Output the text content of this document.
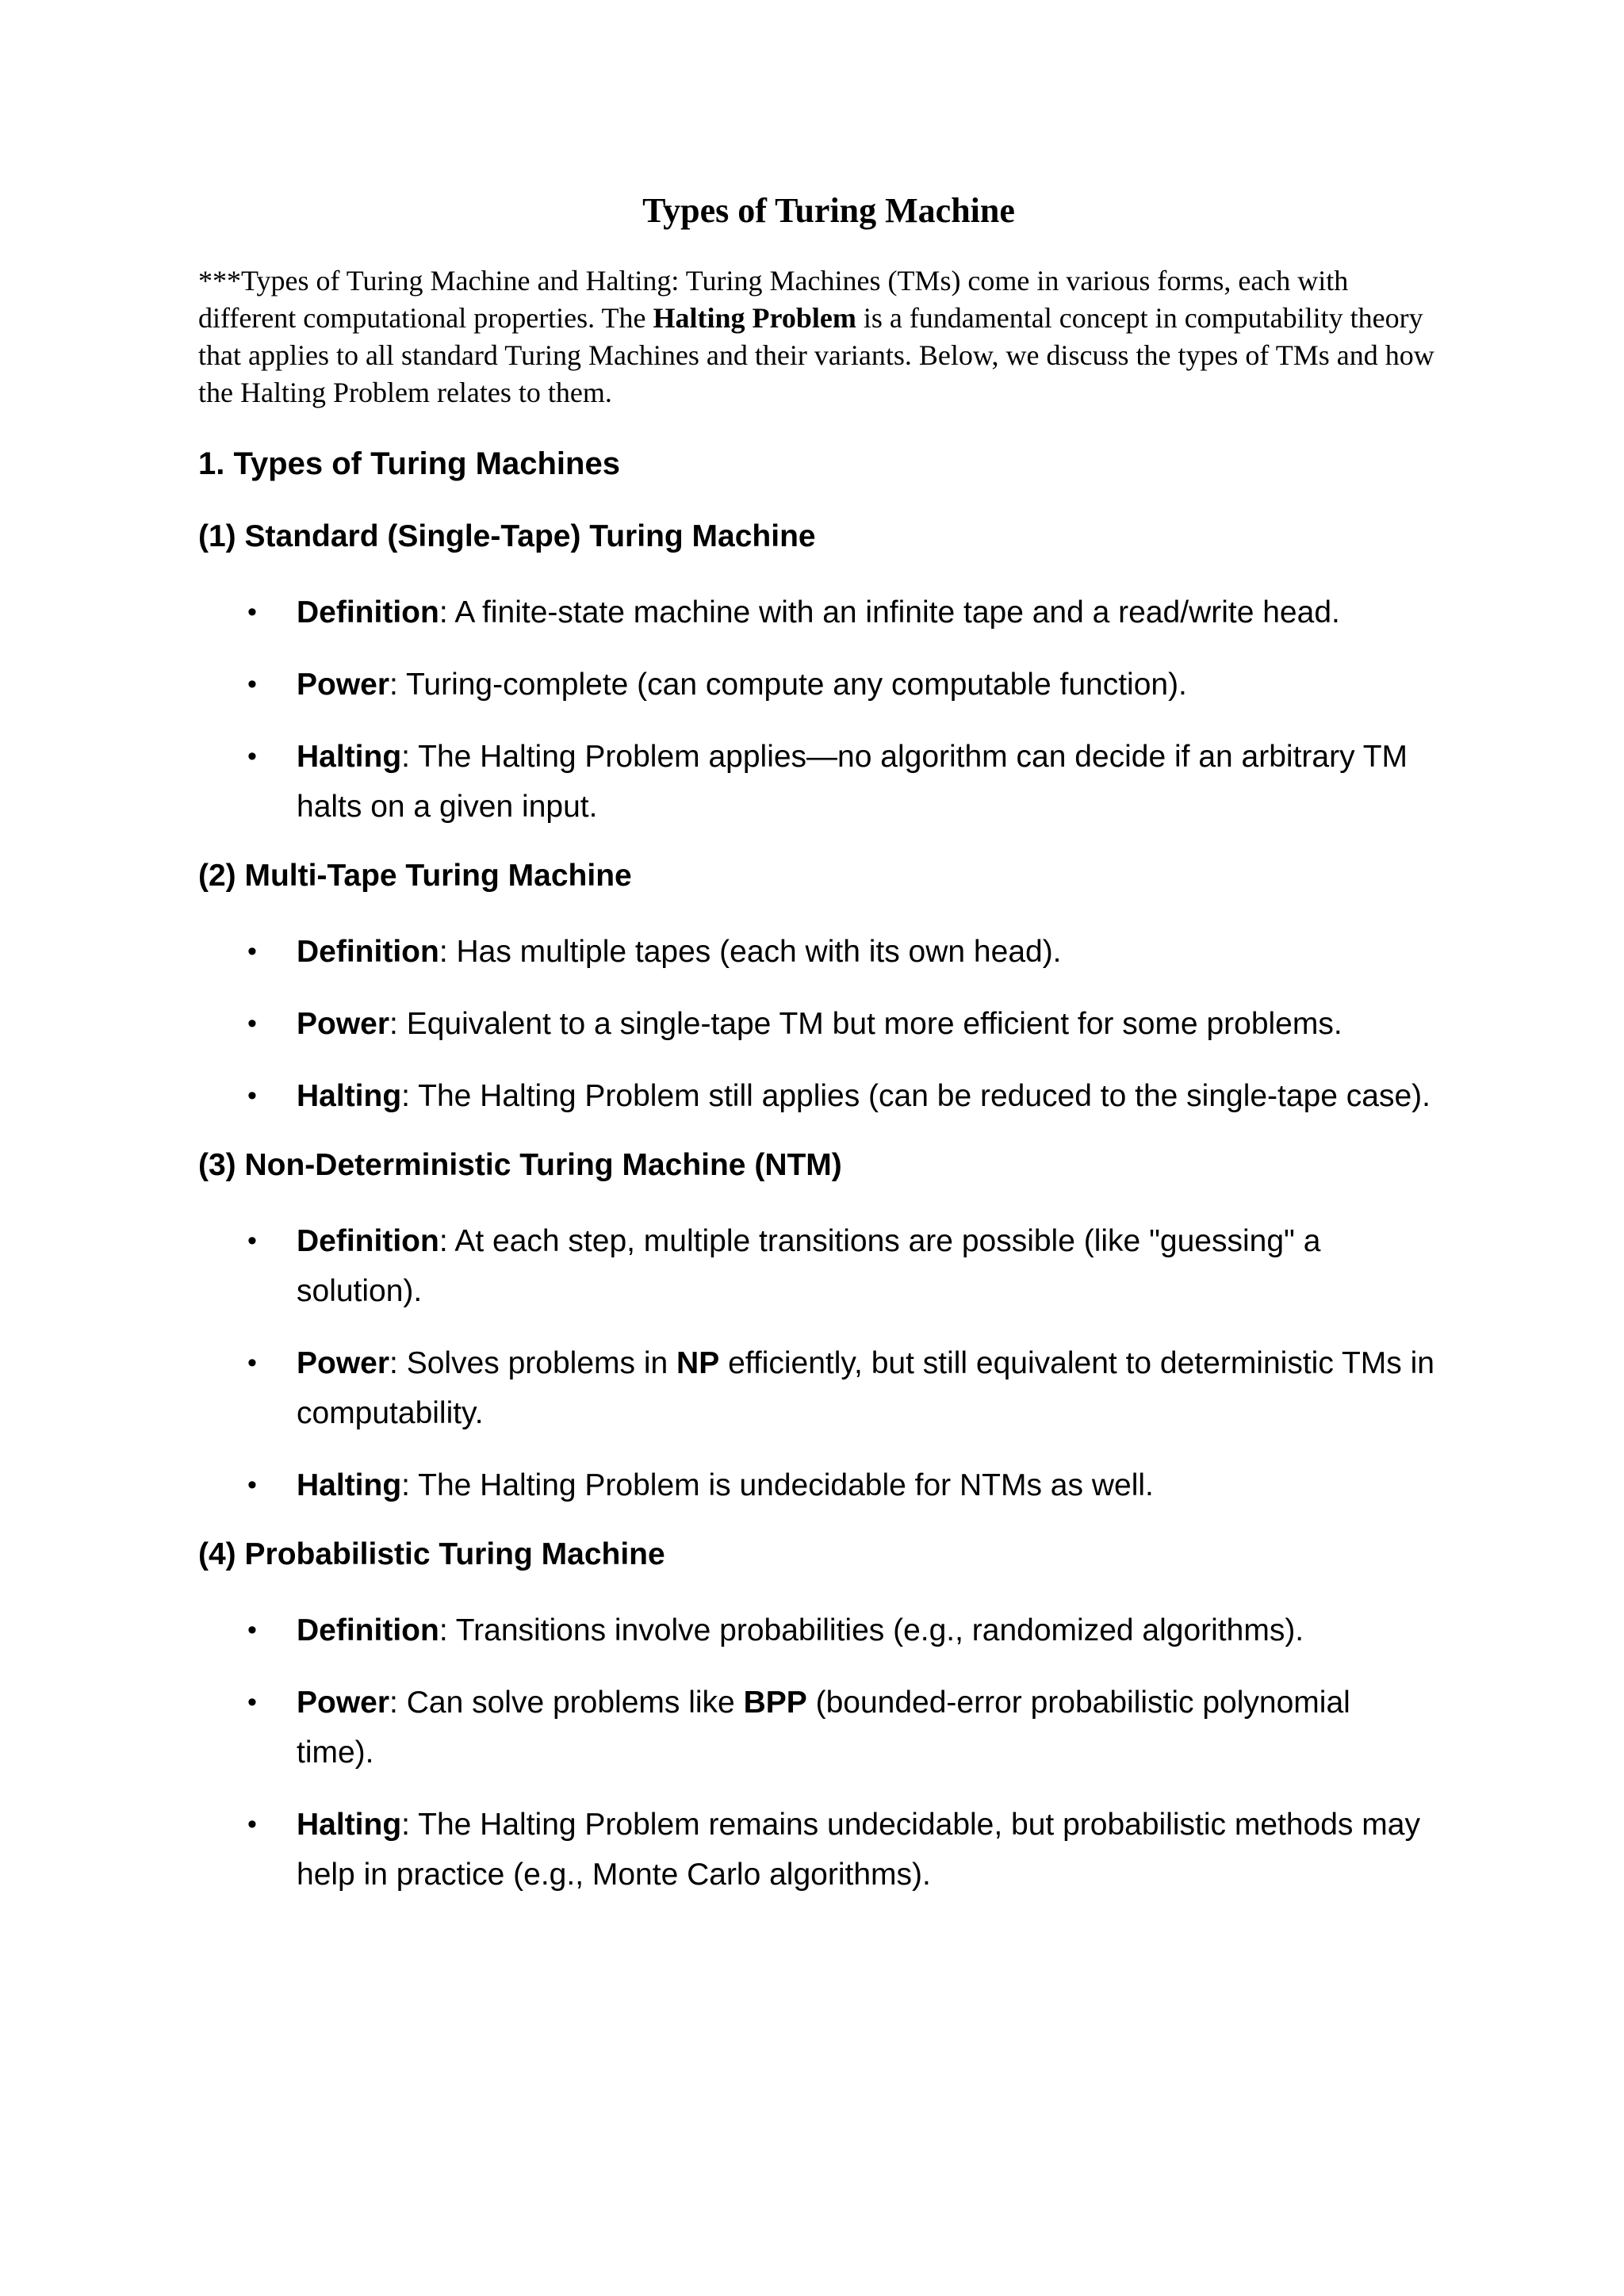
Types of Turing Machine

***Types of Turing Machine and Halting: Turing Machines (TMs) come in various forms, each with different computational properties. The Halting Problem is a fundamental concept in computability theory that applies to all standard Turing Machines and their variants. Below, we discuss the types of TMs and how the Halting Problem relates to them.

1. Types of Turing Machines
(1) Standard (Single-Tape) Turing Machine
• Definition: A finite-state machine with an infinite tape and a read/write head.
• Power: Turing-complete (can compute any computable function).
• Halting: The Halting Problem applies—no algorithm can decide if an arbitrary TM halts on a given input.
(2) Multi-Tape Turing Machine
• Definition: Has multiple tapes (each with its own head).
• Power: Equivalent to a single-tape TM but more efficient for some problems.
• Halting: The Halting Problem still applies (can be reduced to the single-tape case).
(3) Non-Deterministic Turing Machine (NTM)
• Definition: At each step, multiple transitions are possible (like "guessing" a solution).
• Power: Solves problems in NP efficiently, but still equivalent to deterministic TMs in computability.
• Halting: The Halting Problem is undecidable for NTMs as well.
(4) Probabilistic Turing Machine
• Definition: Transitions involve probabilities (e.g., randomized algorithms).
• Power: Can solve problems like BPP (bounded-error probabilistic polynomial time).
• Halting: The Halting Problem remains undecidable, but probabilistic methods may help in practice (e.g., Monte Carlo algorithms).
